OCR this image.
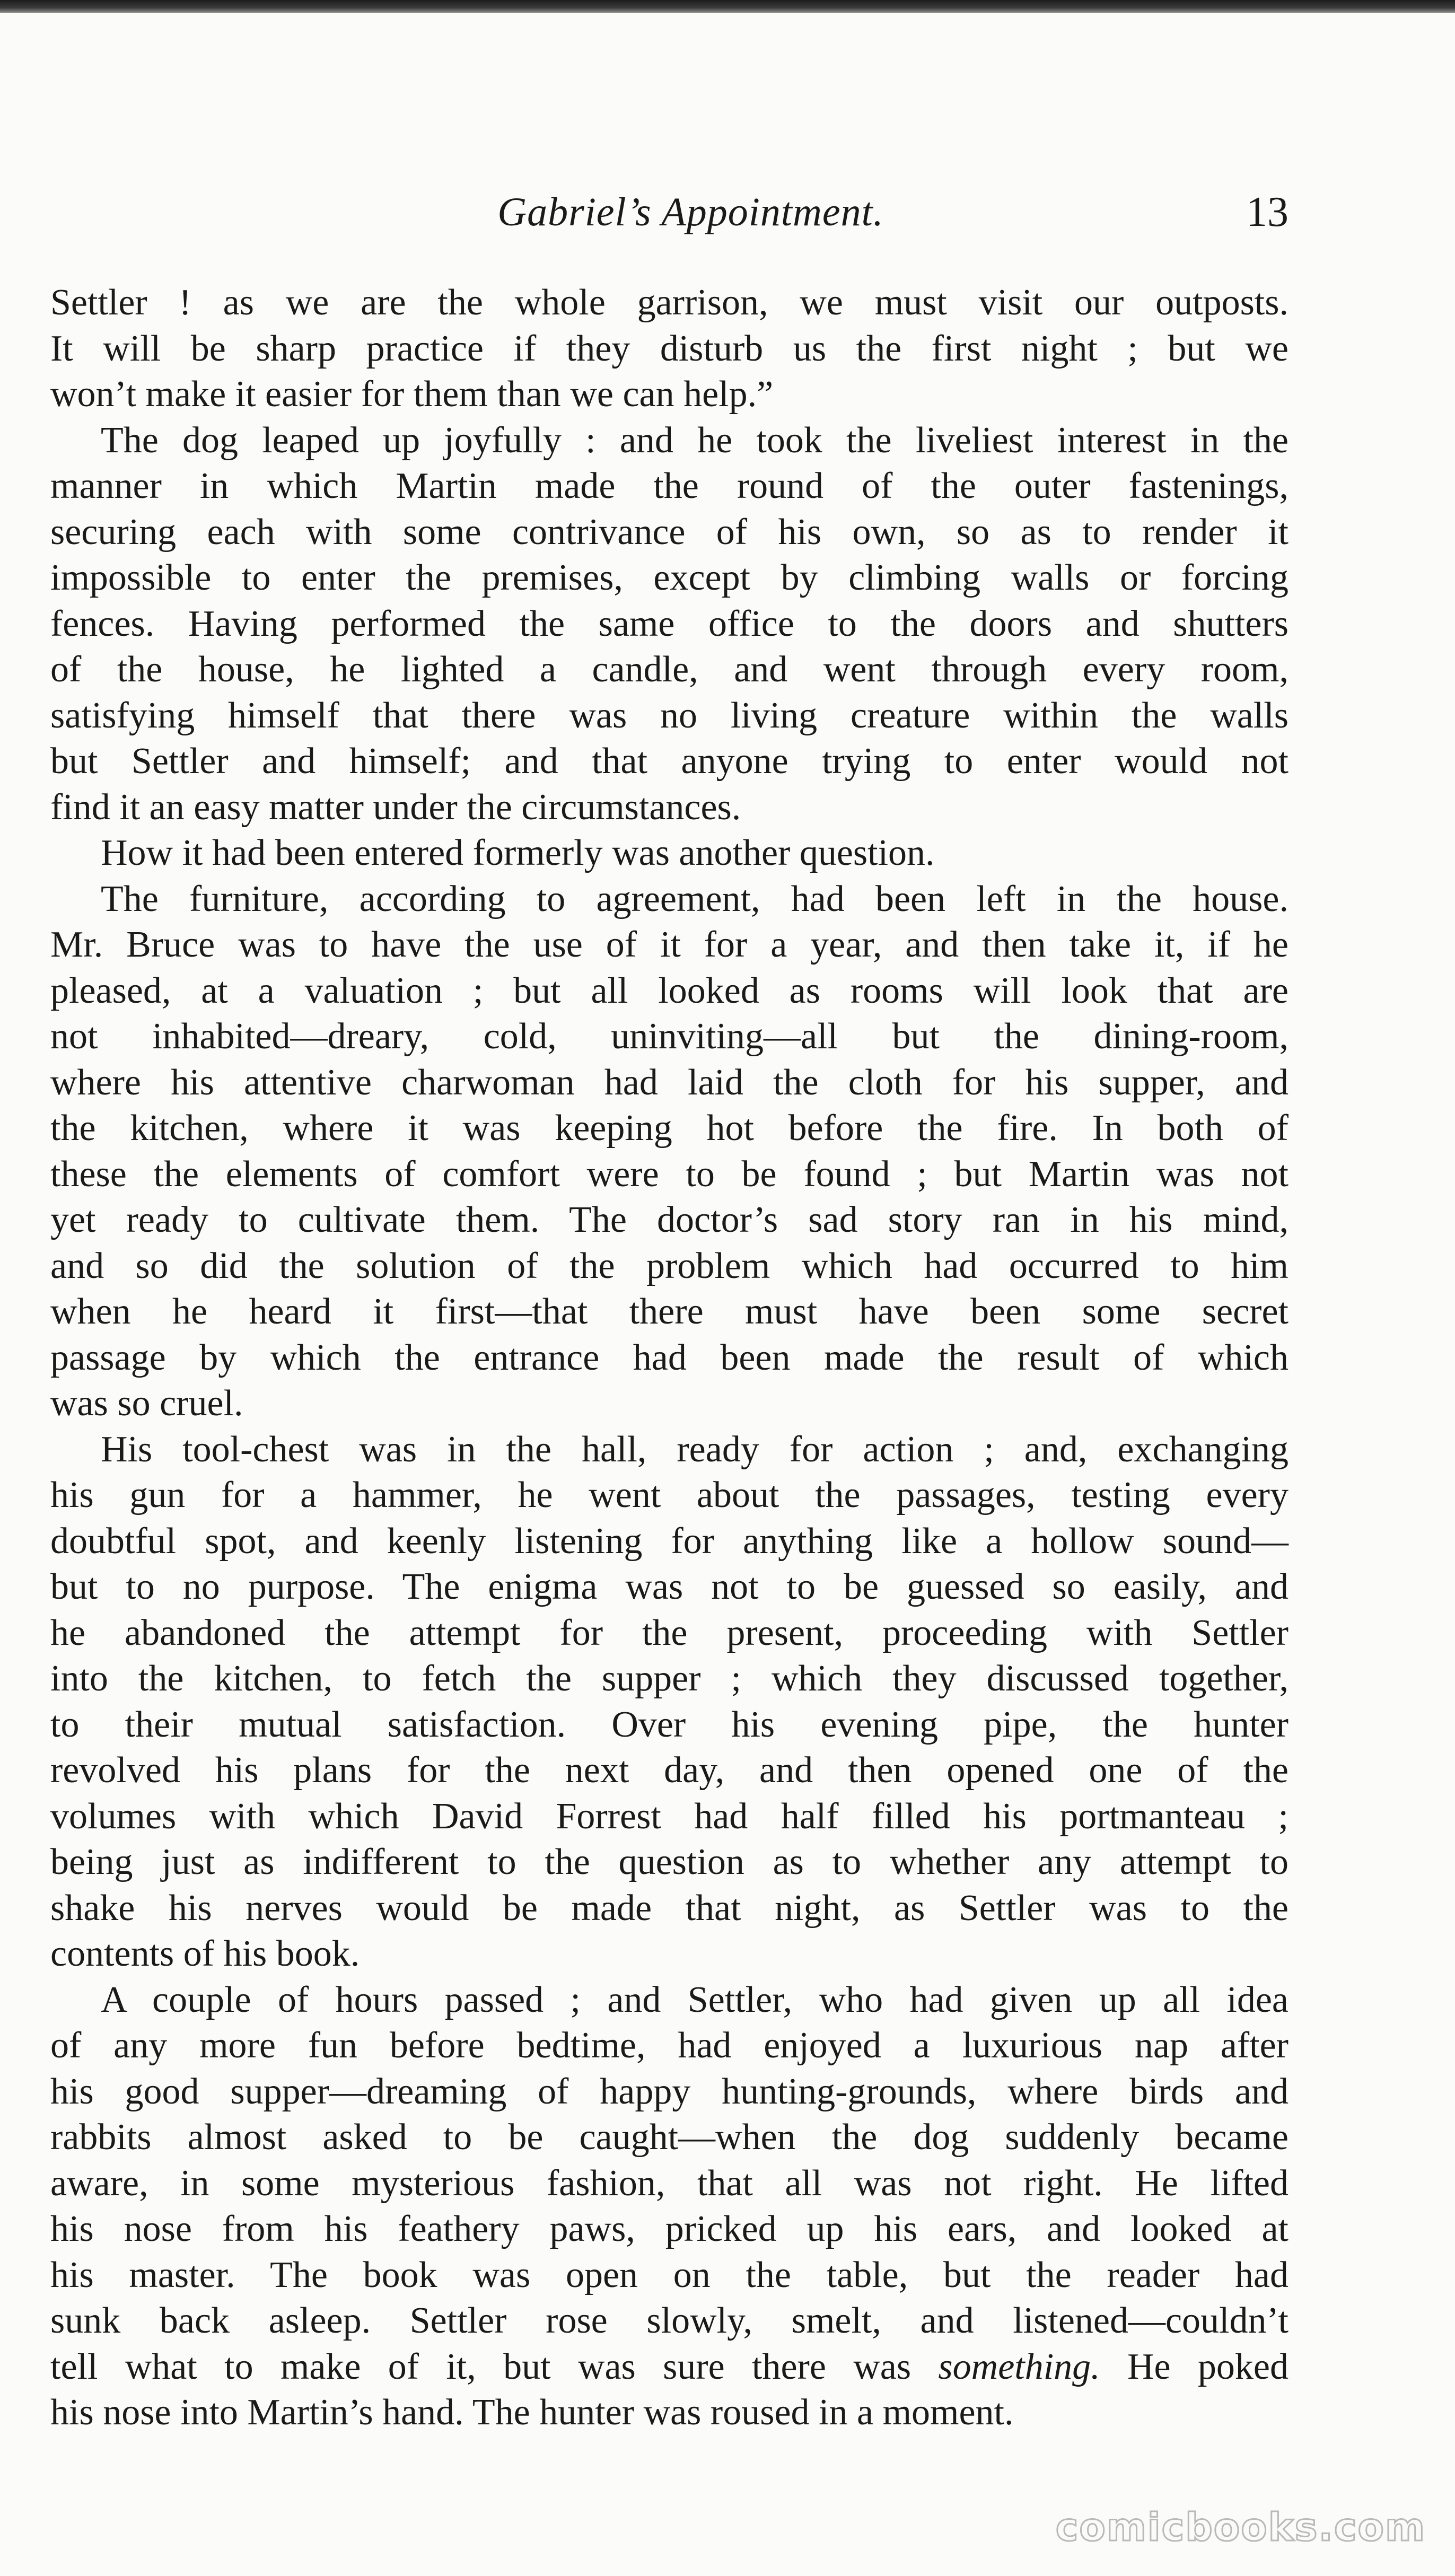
Gabriel’s Appointment.	13
Settler ! as we are the whole garrison, we must visit our outposts.
It will be sharp practice if they disturb us the first night ; but we
won’t make it easier for them than we can help.”
The dog leaped up joyfully : and he took the liveliest interest in the
manner in which Martin made the round of the outer fastenings,
securing each with some contrivance of his own, so as to render it
impossible to enter the premises, except by climbing walls or forcing
fences. Having performed the same office to the doors and shutters
of the house, he lighted a candle, and went through every room,
satisfying himself that there was no living creature within the walls
but Settler and himself; and that anyone trying to enter would not
find it an easy matter under the circumstances.
How it had been entered formerly was another question.
The furniture, according to agreement, had been left in the house.
Mr. Bruce was to have the use of it for a year, and then take it, if he
pleased, at a valuation ; but all looked as rooms will look that are
not inhabited—dreary, cold, uninviting—all but the dining-room,
where his attentive charwoman had laid the cloth for his supper, and
the kitchen, where it was keeping hot before the fire. In both of
these the elements of comfort were to be found ; but Martin was not
yet ready to cultivate them. The doctor’s sad story ran in his mind,
and so did the solution of the problem which had occurred to him
when he heard it first—that there must have been some secret
passage by which the entrance had been made the result of which
was so cruel.
His tool-chest was in the hall, ready for action ; and, exchanging
his gun for a hammer, he went about the passages, testing every
doubtful spot, and keenly listening for anything like a hollow sound—
but to no purpose. The enigma was not to be guessed so easily, and
he abandoned the attempt for the present, proceeding with Settler
into the kitchen, to fetch the supper ; which they discussed together,
to their mutual satisfaction. Over his evening pipe, the hunter
revolved his plans for the next day, and then opened one of the
volumes with which David Forrest had half filled his portmanteau ;
being just as indifferent to the question as to whether any attempt to
shake his nerves would be made that night, as Settler was to the
contents of his book.
A couple of hours passed ; and Settler, who had given up all idea
of any more fun before bedtime, had enjoyed a luxurious nap after
his good supper—dreaming of happy hunting-grounds, where birds and
rabbits almost asked to be caught—when the dog suddenly became
aware, in some mysterious fashion, that all was not right. He lifted
his nose from his feathery paws, pricked up his ears, and looked at
his master. The book was open on the table, but the reader had
sunk back asleep. Settler rose slowly, smelt, and listened—couldn’t
tell what to make of it, but was sure there was something. He poked
his nose into Martin’s hand. The hunter was roused in a moment.
comicbooks.com
